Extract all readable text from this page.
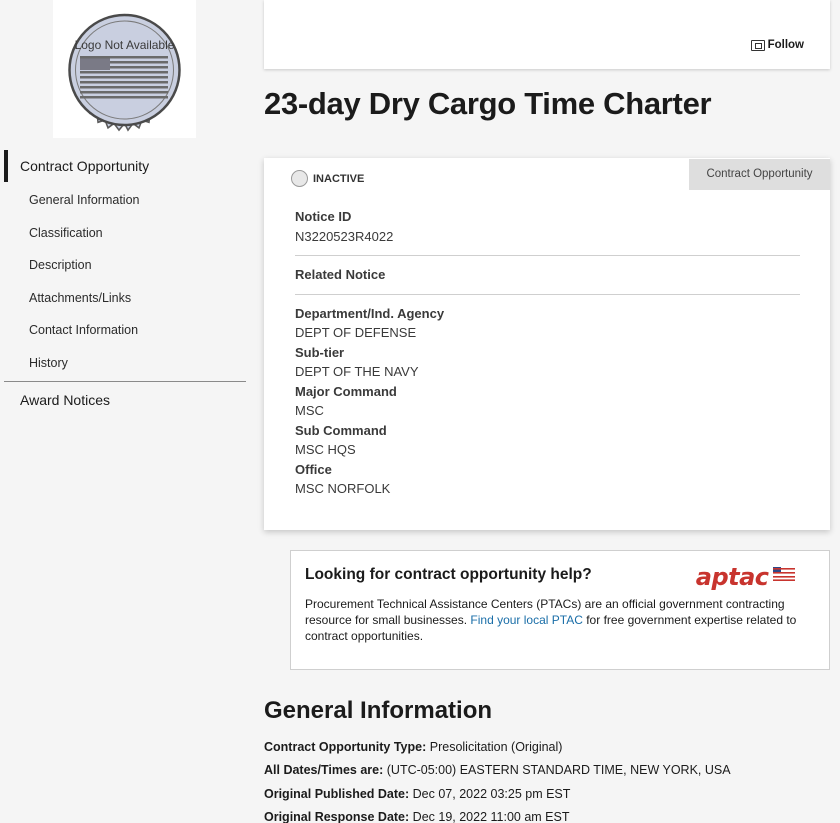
Logo Not Available
Contract Opportunity
General Information
Classification
Description
Attachments/Links
Contact Information
History
Award Notices
Follow
23-day Dry Cargo Time Charter
INACTIVE	Contract Opportunity
Notice ID
N3220523R4022
Related Notice
Department/Ind. Agency
DEPT OF DEFENSE
Sub-tier
DEPT OF THE NAVY
Major Command
MSC
Sub Command
MSC HQS
Office
MSC NORFOLK
Looking for contract opportunity help?	aptac
Procurement Technical Assistance Centers (PTACs) are an official government contracting resource for small businesses. Find your local PTAC for free government expertise related to contract opportunities.
General Information
Contract Opportunity Type: Presolicitation (Original)
All Dates/Times are: (UTC-05:00) EASTERN STANDARD TIME, NEW YORK, USA
Original Published Date: Dec 07, 2022 03:25 pm EST
Original Response Date: Dec 19, 2022 11:00 am EST
